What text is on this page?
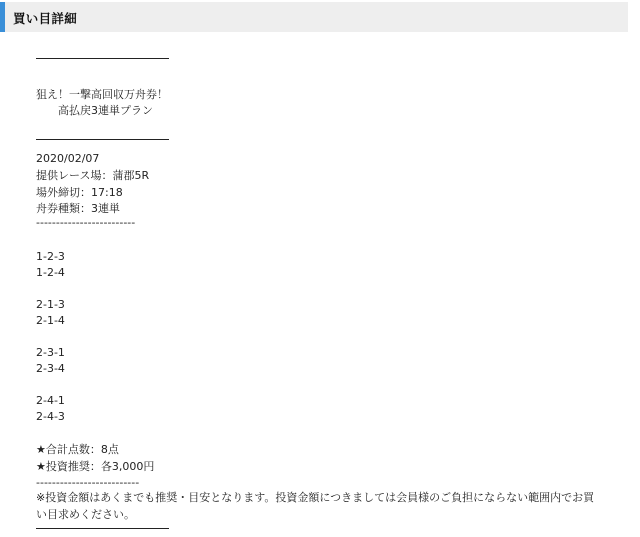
買い目詳細
狙え！一撃高回収万舟券！
高払戻3連単プラン
2020/02/07
提供レース場：蒲郡5R
場外締切：17:18
舟券種類：3連単
-------------------------
1-2-3
1-2-4
2-1-3
2-1-4
2-3-1
2-3-4
2-4-1
2-4-3
★合計点数：8点
★投資推奨：各3,000円
--------------------------
※投資金額はあくまでも推奨・目安となります。投資金額につきましては会員様のご負担にならない範囲内でお買い目求めください。
